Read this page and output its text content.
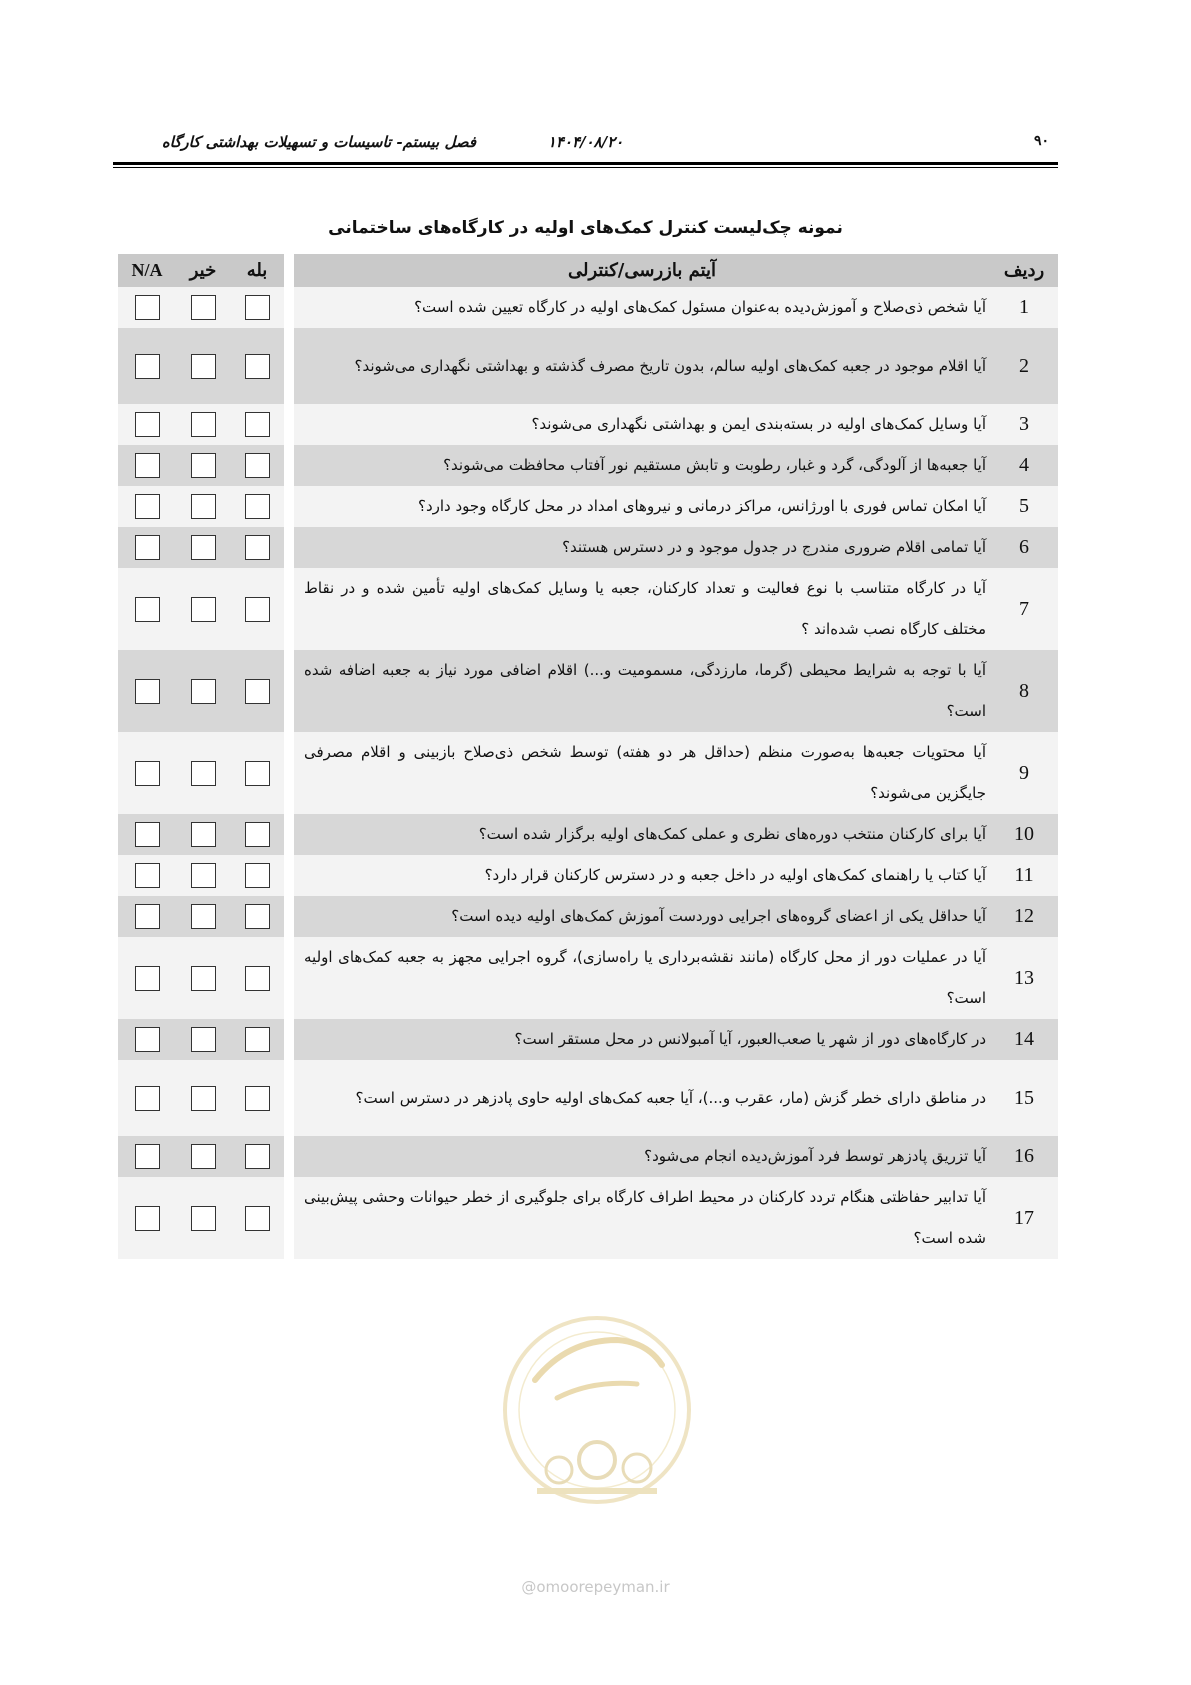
۹۰
۱۴۰۴/۰۸/۲۰
فصل بیستم- تاسیسات و تسهیلات بهداشتی کارگاه
نمونه چک‌لیست کنترل کمک‌های اولیه در کارگاه‌های ساختمانی
ردیف	آیتم بازرسی/کنترلی	بله	خیر	N/A
1	آیا شخص ذی‌صلاح و آموزش‌دیده به‌عنوان مسئول کمک‌های اولیه در کارگاه تعیین شده است؟			
2	آیا اقلام موجود در جعبه کمک‌های اولیه سالم، بدون تاریخ مصرف گذشته و بهداشتی نگهداری می‌شوند؟			
3	آیا وسایل کمک‌های اولیه در بسته‌بندی ایمن و بهداشتی نگهداری می‌شوند؟			
4	آیا جعبه‌ها از آلودگی، گرد و غبار، رطوبت و تابش مستقیم نور آفتاب محافظت می‌شوند؟			
5	آیا امکان تماس فوری با اورژانس، مراکز درمانی و نیروهای امداد در محل کارگاه وجود دارد؟			
6	آیا تمامی اقلام ضروری مندرج در جدول موجود و در دسترس هستند؟			
7	آیا در کارگاه متناسب با نوع فعالیت و تعداد کارکنان، جعبه یا وسایل کمک‌های اولیه تأمین شده و در نقاط مختلف کارگاه نصب شده‌اند ؟			
8	آیا با توجه به شرایط محیطی (گرما، مارزدگی، مسمومیت و...) اقلام اضافی مورد نیاز به جعبه اضافه شده است؟			
9	آیا محتویات جعبه‌ها به‌صورت منظم (حداقل هر دو هفته) توسط شخص ذی‌صلاح بازبینی و اقلام مصرفی جایگزین می‌شوند؟			
10	آیا برای کارکنان منتخب دوره‌های نظری و عملی کمک‌های اولیه برگزار شده است؟			
11	آیا کتاب یا راهنمای کمک‌های اولیه در داخل جعبه و در دسترس کارکنان قرار دارد؟			
12	آیا حداقل یکی از اعضای گروه‌های اجرایی دوردست آموزش کمک‌های اولیه دیده است؟			
13	آیا در عملیات دور از محل کارگاه (مانند نقشه‌برداری یا راه‌سازی)، گروه اجرایی مجهز به جعبه کمک‌های اولیه است؟			
14	در کارگاه‌های دور از شهر یا صعب‌العبور، آیا آمبولانس در محل مستقر است؟			
15	در مناطق دارای خطر گزش (مار، عقرب و...)، آیا جعبه کمک‌های اولیه حاوی پادزهر در دسترس است؟			
16	آیا تزریق پادزهر توسط فرد آموزش‌دیده انجام می‌شود؟			
17	آیا تدابیر حفاظتی هنگام تردد کارکنان در محیط اطراف کارگاه برای جلوگیری از خطر حیوانات وحشی پیش‌بینی شده است؟			
@omoorepeyman.ir
